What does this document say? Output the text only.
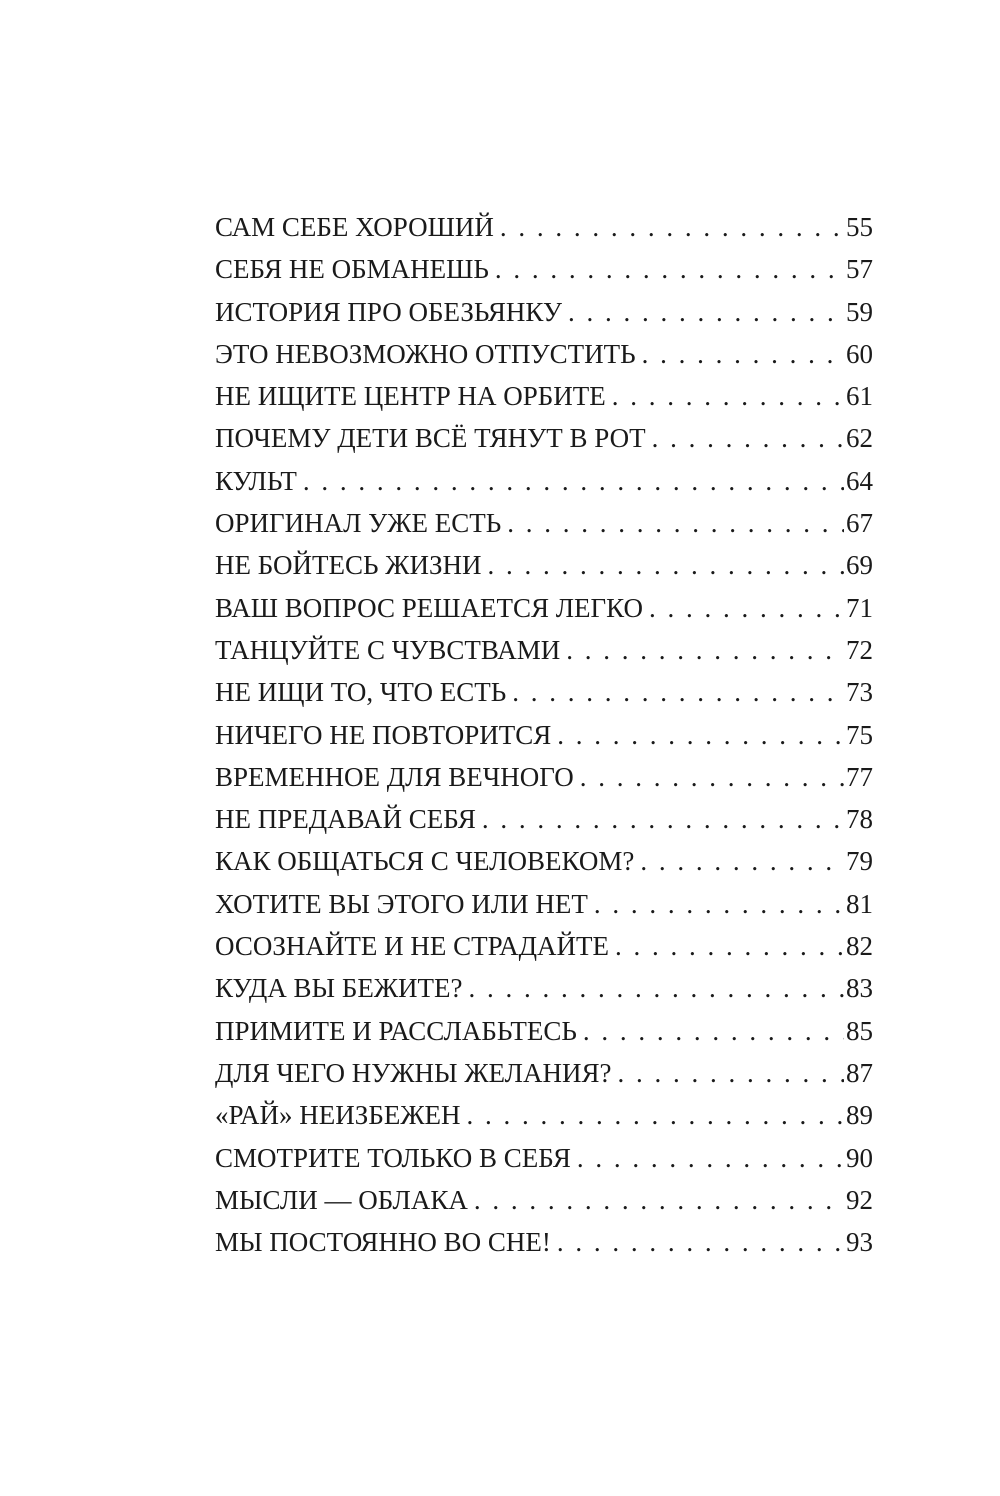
САМ СЕБЕ ХОРОШИЙ . . .	55
СЕБЯ НЕ ОБМАНЕШЬ . . .	57
ИСТОРИЯ ПРО ОБЕЗЬЯНКУ . . .	59
ЭТО НЕВОЗМОЖНО ОТПУСТИТЬ . . .	60
НЕ ИЩИТЕ ЦЕНТР НА ОРБИТЕ . . .	61
ПОЧЕМУ ДЕТИ ВСЁ ТЯНУТ В РОТ . . .	62
КУЛЬТ . . .	64
ОРИГИНАЛ УЖЕ ЕСТЬ . . .	67
НЕ БОЙТЕСЬ ЖИЗНИ . . .	69
ВАШ ВОПРОС РЕШАЕТСЯ ЛЕГКО . . .	71
ТАНЦУЙТЕ С ЧУВСТВАМИ . . .	72
НЕ ИЩИ ТО, ЧТО ЕСТЬ . . .	73
НИЧЕГО НЕ ПОВТОРИТСЯ . . .	75
ВРЕМЕННОЕ ДЛЯ ВЕЧНОГО . . .	77
НЕ ПРЕДАВАЙ СЕБЯ . . .	78
КАК ОБЩАТЬСЯ С ЧЕЛОВЕКОМ? . . .	79
ХОТИТЕ ВЫ ЭТОГО ИЛИ НЕТ . . .	81
ОСОЗНАЙТЕ И НЕ СТРАДАЙТЕ . . .	82
КУДА ВЫ БЕЖИТЕ? . . .	83
ПРИМИТЕ И РАССЛАБЬТЕСЬ . . .	85
ДЛЯ ЧЕГО НУЖНЫ ЖЕЛАНИЯ? . . .	87
«РАЙ» НЕИЗБЕЖЕН . . .	89
СМОТРИТЕ ТОЛЬКО В СЕБЯ . . .	90
МЫСЛИ — ОБЛАКА . . .	92
МЫ ПОСТОЯННО ВО СНЕ! . . .	93
